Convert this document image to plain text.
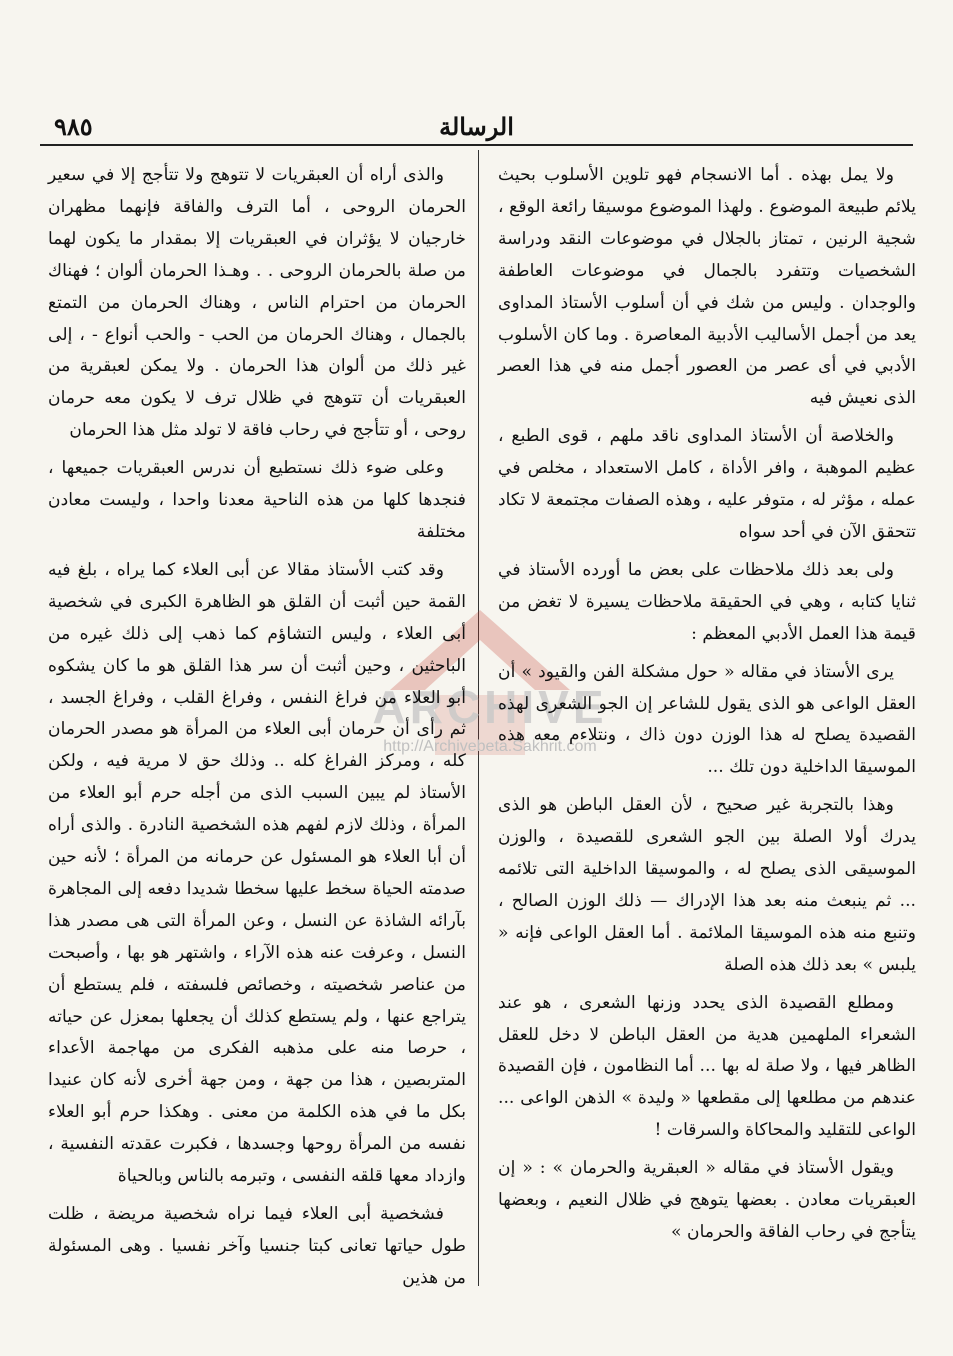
٩٨٥	الرسالة
ARCHIVE
http://Archivebeta.Sakhrit.com

ولا يمل بهذه . أما الانسجام فهو تلوين الأسلوب بحيث يلائم طبيعة الموضوع . ولهذا الموضوع موسيقا رائعة الوقع ، شجية الرنين ، تمتاز بالجلال في موضوعات النقد ودراسة الشخصيات وتتفرد بالجمال في موضوعات العاطفة والوجدان . وليس من شك في أن أسلوب الأستاذ المداوى يعد من أجمل الأساليب الأدبية المعاصرة . وما كان الأسلوب الأدبي في أى عصر من العصور أجمل منه في هذا العصر الذى نعيش فيه

والخلاصة أن الأستاذ المداوى ناقد ملهم ، قوى الطبع ، عظيم الموهبة ، وافر الأداة ، كامل الاستعداد ، مخلص في عمله ، مؤثر له ، متوفر عليه ، وهذه الصفات مجتمعة لا تكاد تتحقق الآن في أحد سواه

ولى بعد ذلك ملاحظات على بعض ما أورده الأستاذ في ثنايا كتابه ، وهي في الحقيقة ملاحظات يسيرة لا تغض من قيمة هذا العمل الأدبي المعظم :

يرى الأستاذ في مقاله « حول مشكلة الفن والقيود » أن العقل الواعى هو الذى يقول للشاعر إن الجو الشعرى لهذه القصيدة يصلح له هذا الوزن دون ذاك ، ونتلاءم معه هذه الموسيقا الداخلية دون تلك ...

وهذا بالتجربة غير صحيح ، لأن العقل الباطن هو الذى يدرك أولا الصلة بين الجو الشعرى للقصيدة ، والوزن الموسيقى الذى يصلح له ، والموسيقا الداخلية التى تلائمه ... ثم ينبعث منه بعد هذا الإدراك — ذلك الوزن الصالح ، وتنبع منه هذه الموسيقا الملائمة . أما العقل الواعى فإنه « يلبس » بعد ذلك هذه الصلة

ومطلع القصيدة الذى يحدد وزنها الشعرى ، هو عند الشعراء الملهمين هدية من العقل الباطن لا دخل للعقل الظاهر فيها ، ولا صلة له بها ... أما النظامون ، فإن القصيدة عندهم من مطلعها إلى مقطعها « وليدة » الذهن الواعى ... الواعى للتقليد والمحاكاة والسرقات !

ويقول الأستاذ في مقاله « العبقرية والحرمان » : « إن العبقريات معادن . بعضها يتوهج في ظلال النعيم ، وبعضها يتأجج في رحاب الفاقة والحرمان »

والذى أراه أن العبقريات لا تتوهج ولا تتأجج إلا في سعير الحرمان الروحى ، أما الترف والفاقة فإنهما مظهران خارجيان لا يؤثران في العبقريات إلا بمقدار ما يكون لهما من صلة بالحرمان الروحى . . وهـذا الحرمان ألوان ؛ فهناك الحرمان من احترام الناس ، وهناك الحرمان من التمتع بالجمال ، وهناك الحرمان من الحب - والحب أنواع - ، إلى غير ذلك من ألوان هذا الحرمان . ولا يمكن لعبقرية من العبقريات أن تتوهج في ظلال ترف لا يكون معه حرمان روحى ، أو تتأجج في رحاب فاقة لا تولد مثل هذا الحرمان

وعلى ضوء ذلك نستطيع أن ندرس العبقريات جميعها ، فنجدها كلها من هذه الناحية معدنا واحدا ، وليست معادن مختلفة

وقد كتب الأستاذ مقالا عن أبى العلاء كما يراه ، بلغ فيه القمة حين أثبت أن القلق هو الظاهرة الكبرى في شخصية أبى العلاء ، وليس التشاؤم كما ذهب إلى ذلك غيره من الباحثين ، وحين أثبت أن سر هذا القلق هو ما كان يشكوه أبو العلاء من فراغ النفس ، وفراغ القلب ، وفراغ الجسد ، ثم رأى أن حرمان أبى العلاء من المرأة هو مصدر الحرمان كله ، ومركز الفراغ كله .. وذلك حق لا مرية فيه ، ولكن الأستاذ لم يبين السبب الذى من أجله حرم أبو العلاء من المرأة ، وذلك لازم لفهم هذه الشخصية النادرة . والذى أراه أن أبا العلاء هو المسئول عن حرمانه من المرأة ؛ لأنه حين صدمته الحياة سخط عليها سخطا شديدا دفعه إلى المجاهرة بآرائه الشاذة عن النسل ، وعن المرأة التى هى مصدر هذا النسل ، وعرفت عنه هذه الآراء ، واشتهر هو بها ، وأصبحت من عناصر شخصيته ، وخصائص فلسفته ، فلم يستطع أن يتراجع عنها ، ولم يستطع كذلك أن يجعلها بمعزل عن حياته ، حرصا منه على مذهبه الفكرى من مهاجمة الأعداء المتربصين ، هذا من جهة ، ومن جهة أخرى لأنه كان عنيدا بكل ما في هذه الكلمة من معنى . وهكذا حرم أبو العلاء نفسه من المرأة روحها وجسدها ، فكبرت عقدته النفسية ، وازداد معها قلقه النفسى ، وتبرمه بالناس وبالحياة

فشخصية أبى العلاء فيما نراه شخصية مريضة ، ظلت طول حياتها تعانى كبتا جنسيا وآخر نفسيا . وهى المسئولة من هذين
